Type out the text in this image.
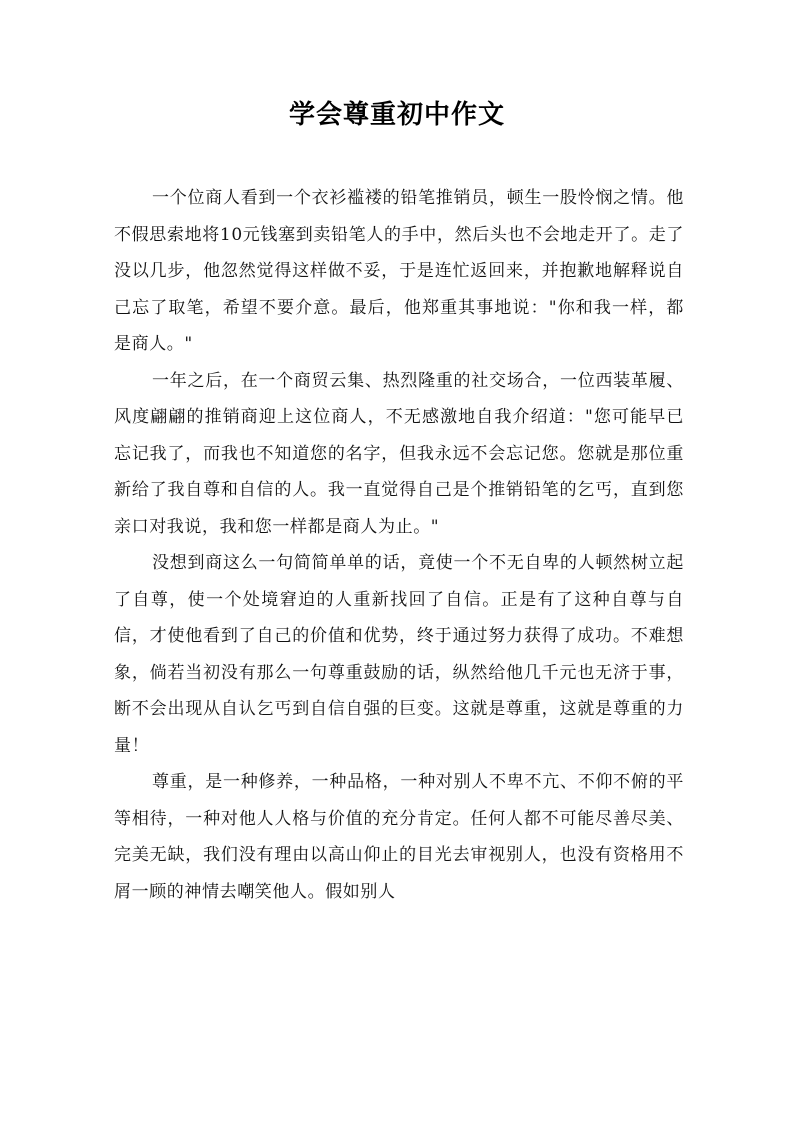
学会尊重初中作文

一个位商人看到一个衣衫褴褛的铅笔推销员，顿生一股怜悯之情。他不假思索地将10元钱塞到卖铅笔人的手中，然后头也不会地走开了。走了没以几步，他忽然觉得这样做不妥，于是连忙返回来，并抱歉地解释说自己忘了取笔，希望不要介意。最后，他郑重其事地说："你和我一样，都是商人。"

一年之后，在一个商贸云集、热烈隆重的社交场合，一位西装革履、风度翩翩的推销商迎上这位商人，不无感激地自我介绍道："您可能早已忘记我了，而我也不知道您的名字，但我永远不会忘记您。您就是那位重新给了我自尊和自信的人。我一直觉得自己是个推销铅笔的乞丐，直到您亲口对我说，我和您一样都是商人为止。"

没想到商这么一句简简单单的话，竟使一个不无自卑的人顿然树立起了自尊，使一个处境窘迫的人重新找回了自信。正是有了这种自尊与自信，才使他看到了自己的价值和优势，终于通过努力获得了成功。不难想象，倘若当初没有那么一句尊重鼓励的话，纵然给他几千元也无济于事，断不会出现从自认乞丐到自信自强的巨变。这就是尊重，这就是尊重的力量！

尊重，是一种修养，一种品格，一种对别人不卑不亢、不仰不俯的平等相待，一种对他人人格与价值的充分肯定。任何人都不可能尽善尽美、完美无缺，我们没有理由以高山仰止的目光去审视别人，也没有资格用不屑一顾的神情去嘲笑他人。假如别人
